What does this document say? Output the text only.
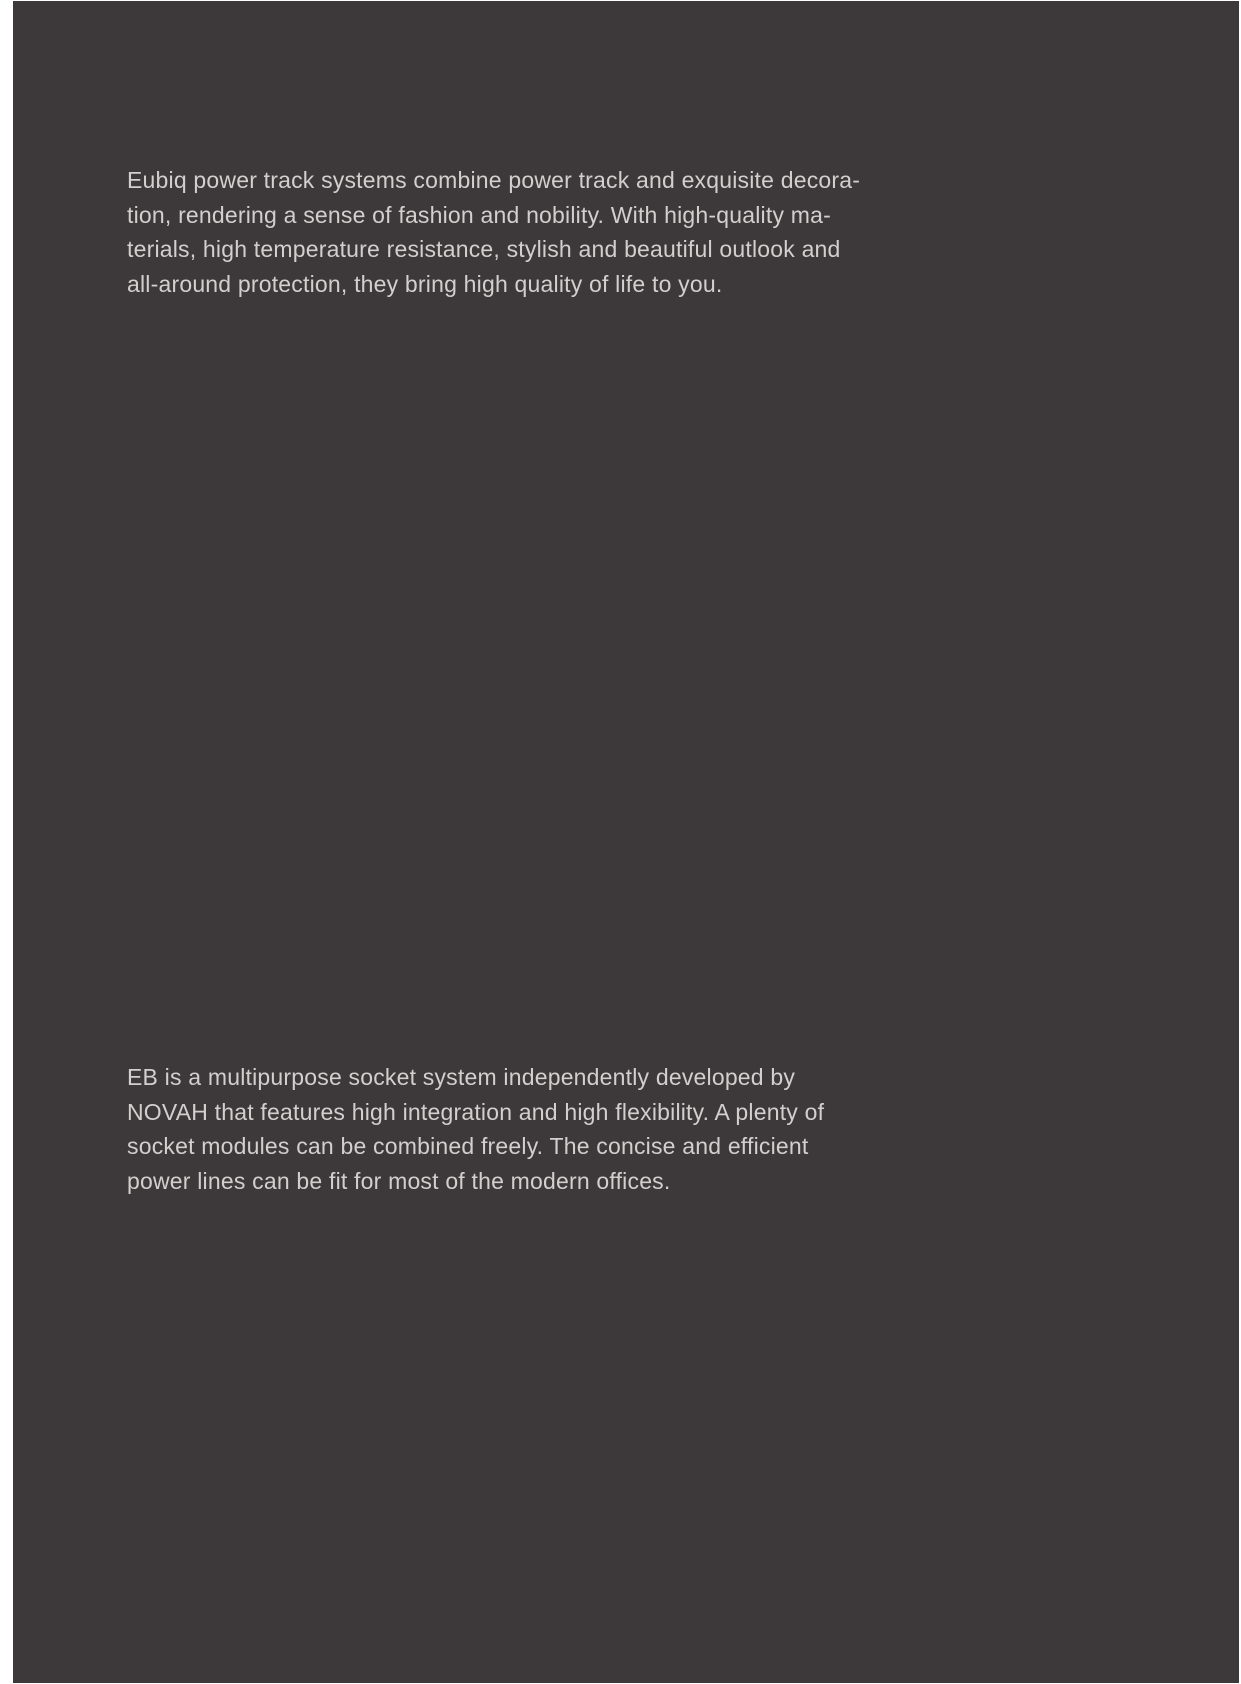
Eubiq power track systems combine power track and exquisite decora-
tion, rendering a sense of fashion and nobility. With high-quality ma-
terials, high temperature resistance, stylish and beautiful outlook and
all-around protection, they bring high quality of life to you.

EB is a multipurpose socket system independently developed by
NOVAH that features high integration and high flexibility. A plenty of
socket modules can be combined freely. The concise and efficient
power lines can be fit for most of the modern offices.
